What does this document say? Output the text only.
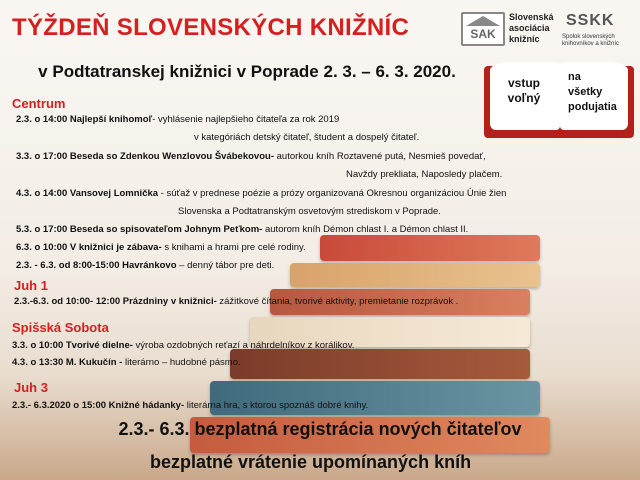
TÝŽDEŇ SLOVENSKÝCH KNIŽNÍC
v Podtatranskej knižnici v Poprade 2. 3. – 6. 3. 2020.
SAK
Slovenská
asociácia
knižníc
SSKK
Spolok slovenských
knihovníkov a knižníc
vstup
voľný
na
všetky
podujatia
Centrum
2.3. o 14:00 Najlepší knihomoľ- vyhlásenie najlepšieho čitateľa za rok 2019
v kategóriách detský čitateľ, študent a dospelý čitateľ.
3.3. o 17:00 Beseda so Zdenkou Wenzlovou Švábekovou- autorkou kníh Roztavené putá, Nesmieš povedať,
Navždy prekliata, Naposledy plačem.
4.3. o 14:00 Vansovej Lomnička - súťaž v prednese poézie a prózy organizovaná Okresnou organizáciou Únie žien
Slovenska a Podtatranským osvetovým strediskom v Poprade.
5.3. o 17:00 Beseda so spisovateľom Johnym Peťkom- autorom kníh Démon chlast I. a Démon chlast II.
6.3. o 10:00 V knižnici je zábava- s knihami a hrami pre celé rodiny.
2.3. - 6.3. od 8:00-15:00 Havránkovo – denný tábor pre deti.
Juh 1
2.3.-6.3. od 10:00- 12:00 Prázdniny v knižnici- zážitkové čítania, tvorivé aktivity, premietanie rozprávok .
Spišská Sobota
3.3. o 10:00 Tvorivé dielne- výroba ozdobných reťazí a náhrdelníkov z korálikov.
4.3. o 13:30 M. Kukučín - literárno – hudobné pásmo.
Juh 3
2.3.- 6.3.2020 o 15:00 Knižné hádanky- literárna hra, s ktorou spoznáš dobré knihy.
2.3.- 6.3. bezplatná registrácia nových čitateľov
bezplatné vrátenie upomínaných kníh
